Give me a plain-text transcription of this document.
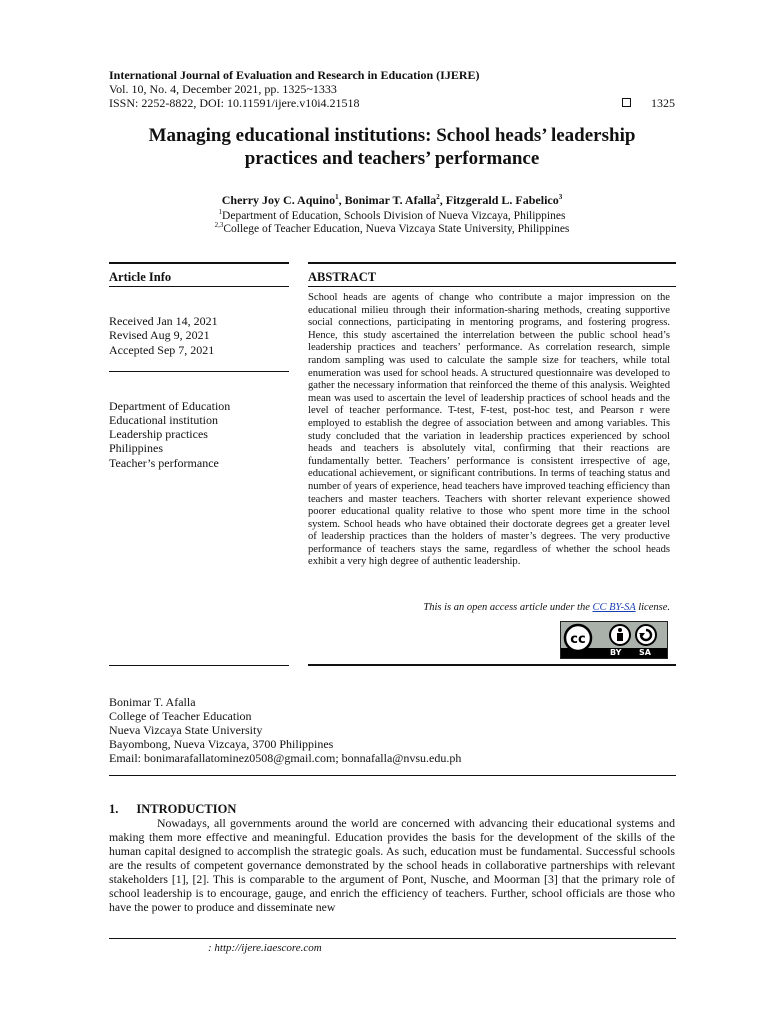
International Journal of Evaluation and Research in Education (IJERE)
Vol. 10, No. 4, December 2021, pp. 1325~1333
ISSN: 2252-8822, DOI: 10.11591/ijere.v10i4.21518	1325
Managing educational institutions: School heads’ leadership
practices and teachers’ performance
Cherry Joy C. Aquino$^1$, Bonimar T. Afalla$^2$, Fitzgerald L. Fabelico$^3$
$^1$Department of Education, Schools Division of Nueva Vizcaya, Philippines
$^{2,3}$College of Teacher Education, Nueva Vizcaya State University, Philippines
Article Info	ABSTRACT
Received Jan 14, 2021
Revised Aug 9, 2021
Accepted Sep 7, 2021
Department of Education
Educational institution
Leadership practices
Philippines
Teacher’s performance
School heads are agents of change who contribute a major impression on the educational milieu through their information-sharing methods, creating supportive social connections, participating in mentoring programs, and fostering progress. Hence, this study ascertained the interrelation between the public school head’s leadership practices and teachers’ performance. As correlation research, simple random sampling was used to calculate the sample size for teachers, while total enumeration was used for school heads. A structured questionnaire was developed to gather the necessary information that reinforced the theme of this analysis. Weighted mean was used to ascertain the level of leadership practices of school heads and the level of teacher performance. T-test, F-test, post-hoc test, and Pearson r were employed to establish the degree of association between and among variables. This study concluded that the variation in leadership practices experienced by school heads and teachers is absolutely vital, confirming that their reactions are fundamentally better. Teachers’ performance is consistent irrespective of age, educational achievement, or significant contributions. In terms of teaching status and number of years of experience, head teachers have improved teaching efficiency than teachers and master teachers. Teachers with shorter relevant experience showed poorer educational quality relative to those who spent more time in the school system. School heads who have obtained their doctorate degrees get a greater level of leadership practices than the holders of master’s degrees. The very productive performance of teachers stays the same, regardless of whether the school heads exhibit a very high degree of authentic leadership.
This is an open access article under the CC BY-SA license.
cc
BY SA
Bonimar T. Afalla
College of Teacher Education
Nueva Vizcaya State University
Bayombong, Nueva Vizcaya, 3700 Philippines
Email: bonimarafallatominez0508@gmail.com; bonnafalla@nvsu.edu.ph
1. INTRODUCTION
Nowadays, all governments around the world are concerned with advancing their educational systems and making them more effective and meaningful. Education provides the basis for the development of the skills of the human capital designed to accomplish the strategic goals. As such, education must be fundamental. Successful schools are the results of competent governance demonstrated by the school heads in collaborative partnerships with relevant stakeholders [1], [2]. This is comparable to the argument of Pont, Nusche, and Moorman [3] that the primary role of school leadership is to encourage, gauge, and enrich the efficiency of teachers. Further, school officials are those who have the power to produce and disseminate new
: http://ijere.iaescore.com
